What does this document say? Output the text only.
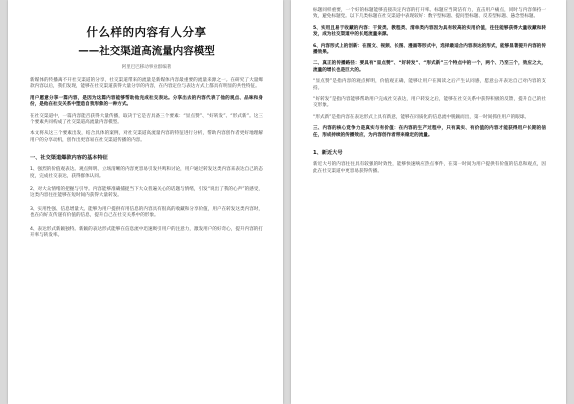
什么样的内容有人分享
——社交渠道高流量内容模型
阿里巴巴移动事业群编著

新媒体的传播离不开社交渠道的分享，社交渠道带来的流量是新媒体内容最重要的流量来源之一。在研究了大量爆款内容以后，我们发现，能够在社交渠道获得大量分享的内容，在内容定位与表达方式上都具有明显的共性特征。

用户愿意分享一篇内容，是因为这篇内容能够帮助他完成社交表达。分享出去的内容代表了他的观点、品味和身份，是他在社交关系中塑造自我形象的一种方式。

在社交渠道中，一篇内容能否获得大量传播，取决于它是否具备三个要素：“显点赞”、“好转发”、“形式新”。这三个要素共同构成了社交渠道高流量内容模型。

本文将从这三个要素出发，结合具体的案例，对社交渠道高流量内容的特征进行分析，帮助内容创作者更好地理解用户的分享动机，创作出更容易在社交渠道传播的内容。

一、社交渠道爆款内容的基本特征

1、强烈的价值观表达。观点鲜明、立场清晰的内容更容易引发共鸣和讨论，用户通过转发这类内容来表达自己的态度，完成社交表达，获得群体认同。

2、对大众情绪的把握与引导。内容能够准确捕捉当下大众普遍关心的话题与情绪，引发“说出了我的心声”的感受，这类内容往往能够在短时间内获得大量转发。

3、实用性强、信息增量大。能够为用户提供有用信息的内容具有很高的收藏和分享价值，用户在转发这类内容时，也在向好友传递有价值的信息，提升自己在社交关系中的形象。

4、表达形式新颖独特。新颖的表达形式能够在信息流中迅速吸引用户的注意力，激发用户的好奇心，提升内容的打开率与转发率。

标题同样重要，一个好的标题能够直接决定内容的打开率。标题应当简洁有力，直击用户痛点，同时与内容保持一致，避免标题党。以下几类标题在社交渠道中表现较好：数字型标题、提问型标题、反差型标题、悬念型标题。

5、实用且易于收藏的内容：干货类、教程类、清单类内容因为具有较高的实用价值，往往能够获得大量收藏和转发，成为社交渠道中的长尾流量来源。

6、内容形式上的创新：在图文、视频、长图、漫画等形式中，选择最适合内容表达的形式，能够显著提升内容的传播效果。

二、真正的传播路径：要具有“显点赞”、“好转发”、“形式新”三个特点中的一个，两个、乃至三个，效应之大，流量的增长也是巨大的。

“显点赞”是指内容的观点鲜明，价值观正确，能够让用户在阅读之后产生认同感，愿意公开表达自己对内容的支持。

“好转发”是指内容能够帮助用户完成社交表达，用户转发之后，能够在社交关系中获得积极的反馈，提升自己的社交形象。

“形式新”是指内容在表达形式上具有新意，能够在同质化的信息流中脱颖而出，第一时间抓住用户的眼球。

三、内容的核心竞争力是真实与有价值：在内容的生产过程中，只有真实、有价值的内容才能获得用户长期的信任，形成持续的传播效应，为内容创作者带来稳定的流量。

1、新近大号

新近大号的内容往往具有较强的时效性，能够快速响应热点事件，在第一时间为用户提供有价值的信息和观点，因此在社交渠道中更容易获得传播。
